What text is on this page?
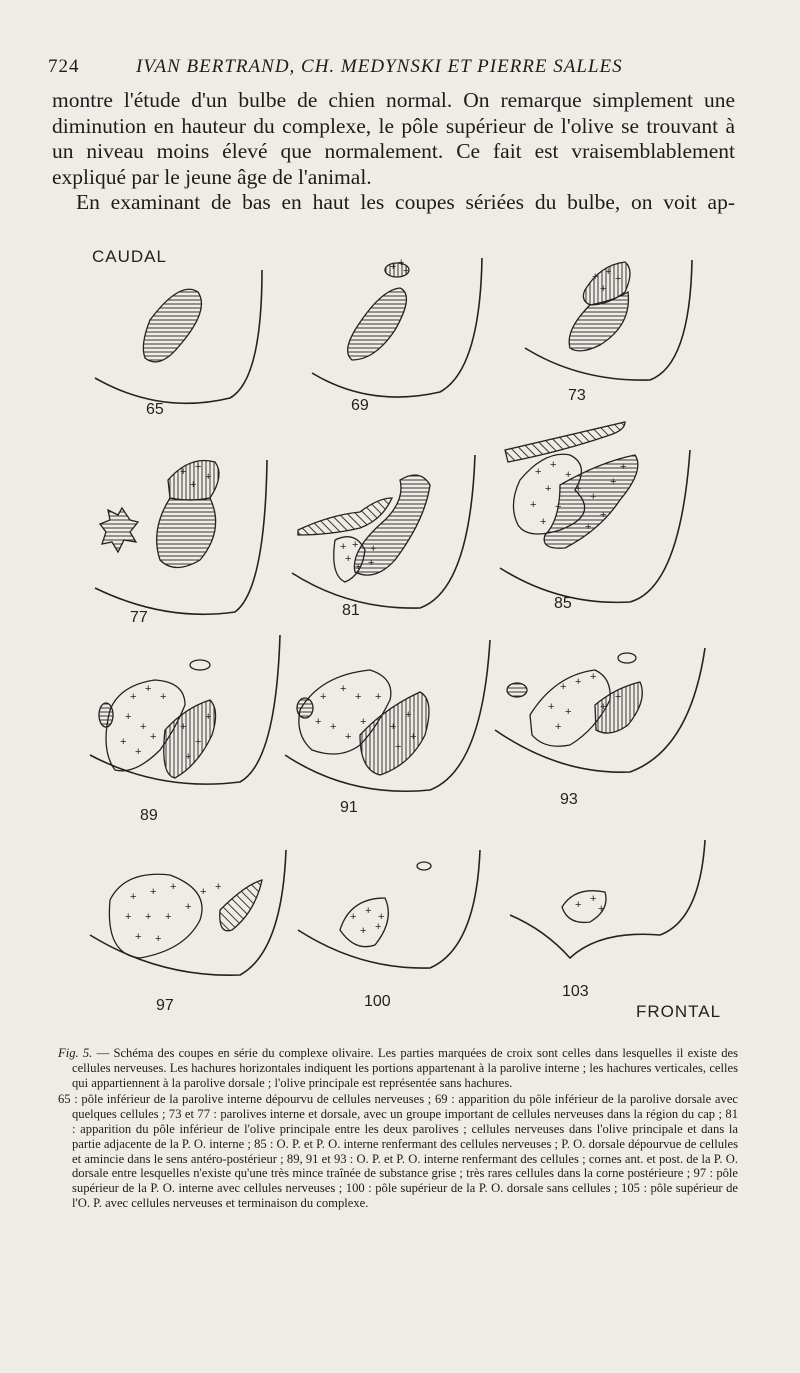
724	IVAN BERTRAND, CH. MEDYNSKI ET PIERRE SALLES

montre l'étude d'un bulbe de chien normal. On remarque simplement une diminution en hauteur du complexe, le pôle supérieur de l'olive se trouvant à un niveau moins élevé que normalement. Ce fait est vraisemblablement expliqué par le jeune âge de l'animal.

En examinant de bas en haut les coupes sériées du bulbe, on voit ap-

CAUDAL
FRONTAL
65	69
73
77	81	85
89	91	93
97	100
103
+ +
+	+ +
+
+
+ +
+
+
+ +
+
+
+
+
+
+
+
+
+ +
+
+
+
+
+
+
+
+
+
+
+
+
+
+
+
+
+
+
+
+
+
+
+ +
+
+
+
+
+
+
+
+ + +
+ +
+
+
+
+ + +
+ + +
+
+ +
+ +
+ + +
+ +
+ +
+

Fig. 5. — Schéma des coupes en série du complexe olivaire. Les parties marquées de croix sont celles dans lesquelles il existe des cellules nerveuses. Les hachures horizontales indiquent les portions appartenant à la parolive interne ; les hachures verticales, celles qui appartiennent à la parolive dorsale ; l'olive principale est représentée sans hachures.

65 : pôle inférieur de la parolive interne dépourvu de cellules nerveuses ; 69 : apparition du pôle inférieur de la parolive dorsale avec quelques cellules ; 73 et 77 : parolives interne et dorsale, avec un groupe important de cellules nerveuses dans la région du cap ; 81 : apparition du pôle inférieur de l'olive principale entre les deux parolives ; cellules nerveuses dans l'olive principale et dans la partie adjacente de la P. O. interne ; 85 : O. P. et P. O. interne renfermant des cellules nerveuses ; P. O. dorsale dépourvue de cellules et amincie dans le sens antéro-postérieur ; 89, 91 et 93 : O. P. et P. O. interne renfermant des cellules ; cornes ant. et post. de la P. O. dorsale entre lesquelles n'existe qu'une très mince traînée de substance grise ; très rares cellules dans la corne postérieure ; 97 : pôle supérieur de la P. O. interne avec cellules nerveuses ; 100 : pôle supérieur de la P. O. dorsale sans cellules ; 105 : pôle supérieur de l'O. P. avec cellules nerveuses et terminaison du complexe.
